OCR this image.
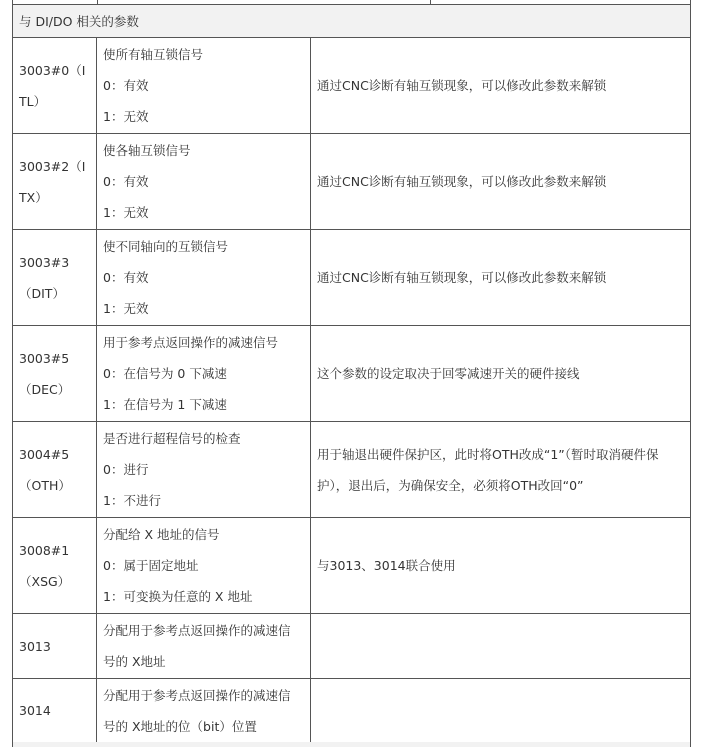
与 DI/DO 相关的参数		
3003#0（ITL）	使所有轴互锁信号
0：有效
1：无效	通过CNC诊断有轴互锁现象，可以修改此参数来解锁
3003#2（ITX）	使各轴互锁信号
0：有效
1：无效	通过CNC诊断有轴互锁现象，可以修改此参数来解锁
3003#3（DIT）	使不同轴向的互锁信号
0：有效
1：无效	通过CNC诊断有轴互锁现象，可以修改此参数来解锁
3003#5（DEC）	用于参考点返回操作的减速信号
0：在信号为 0 下减速
1：在信号为 1 下减速	这个参数的设定取决于回零减速开关的硬件接线
3004#5（OTH）	是否进行超程信号的检查
0：进行
1：不进行	用于轴退出硬件保护区，此时将OTH改成“1”（暂时取消硬件保护），退出后，为确保安全，必须将OTH改回“0”
3008#1（XSG）	分配给 X 地址的信号
0：属于固定地址
1：可变换为任意的 X 地址	与3013、3014联合使用
3013	分配用于参考点返回操作的减速信
号的 X地址	

3014	分配用于参考点返回操作的减速信
号的 X地址的位（bit）位置	
